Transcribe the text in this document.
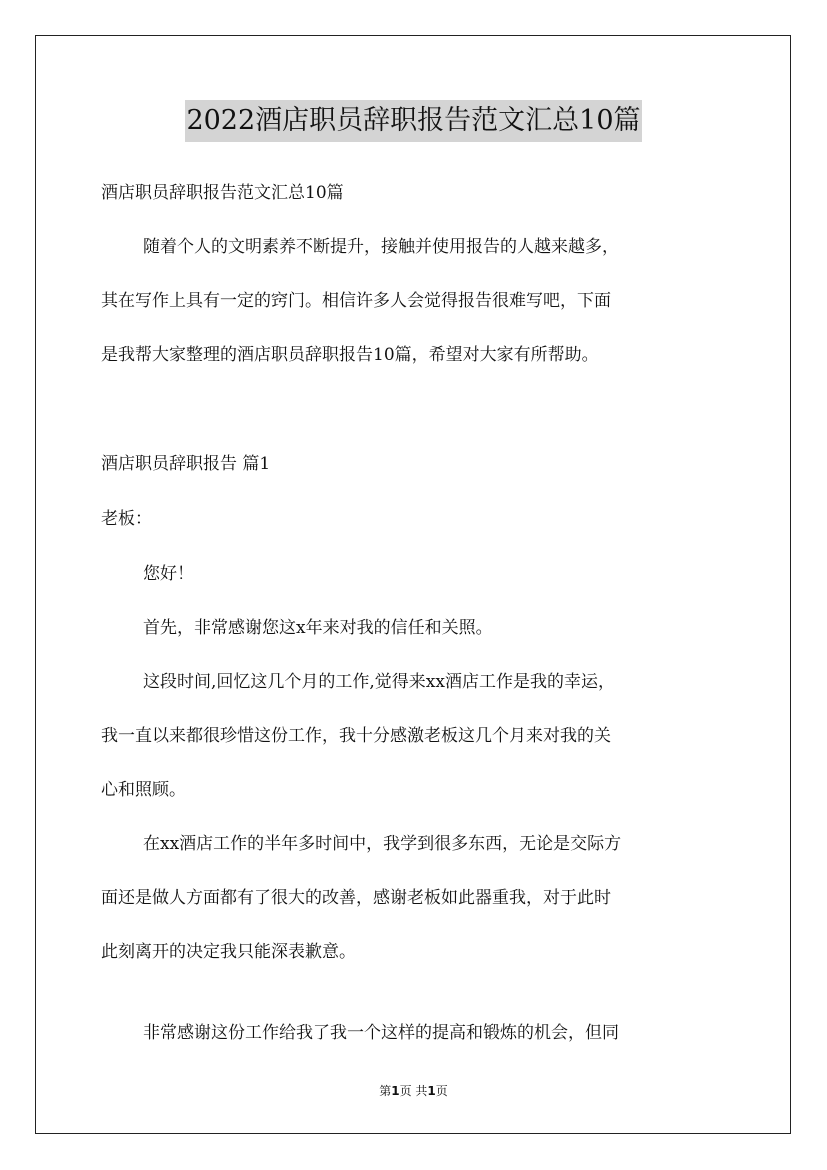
2022酒店职员辞职报告范文汇总10篇
酒店职员辞职报告范文汇总10篇
随着个人的文明素养不断提升，接触并使用报告的人越来越多，
其在写作上具有一定的窍门。相信许多人会觉得报告很难写吧，下面
是我帮大家整理的酒店职员辞职报告10篇，希望对大家有所帮助。
酒店职员辞职报告 篇1
老板：
您好！
首先，非常感谢您这x年来对我的信任和关照。
这段时间,回忆这几个月的工作,觉得来xx酒店工作是我的幸运，
我一直以来都很珍惜这份工作，我十分感激老板这几个月来对我的关
心和照顾。
在xx酒店工作的半年多时间中，我学到很多东西，无论是交际方
面还是做人方面都有了很大的改善，感谢老板如此器重我，对于此时
此刻离开的决定我只能深表歉意。
非常感谢这份工作给我了我一个这样的提高和锻炼的机会，但同
第1页 共1页
